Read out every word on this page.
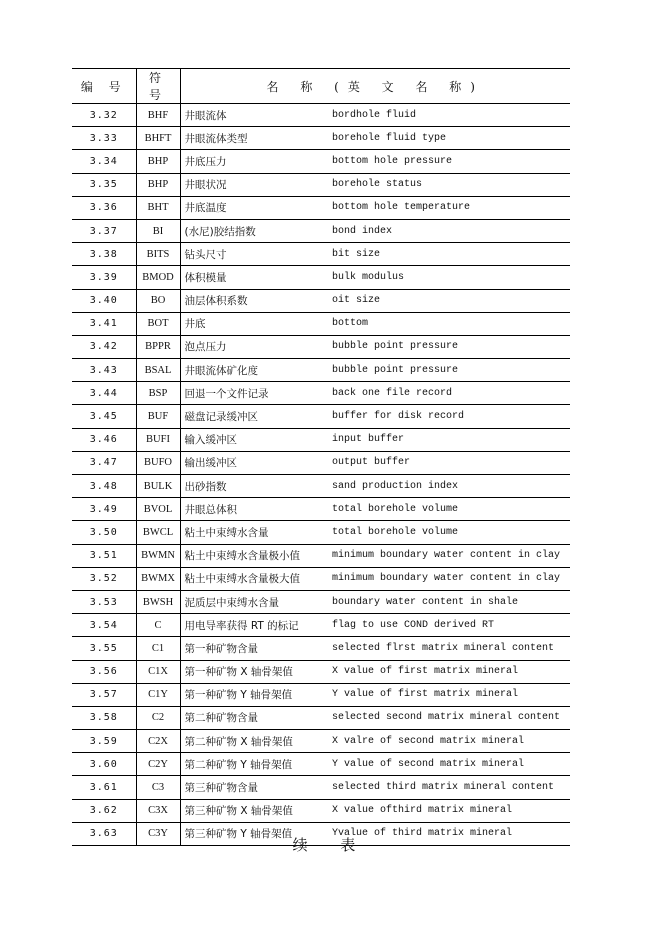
编 号	符 号	名 称 (英 文 名 称)	
3.32	BHF	井眼流体	bordhole fluid
3.33	BHFT	井眼流体类型	borehole fluid type
3.34	BHP	井底压力	bottom hole pressure
3.35	BHP	井眼状况	borehole status
3.36	BHT	井底温度	bottom hole temperature
3.37	BI	(水尼)胶结指数	bond index
3.38	BITS	钻头尺寸	bit size
3.39	BMOD	体积模量	bulk modulus
3.40	BO	油层体积系数	oit size
3.41	BOT	井底	bottom
3.42	BPPR	泡点压力	bubble point pressure
3.43	BSAL	井眼流体矿化度	bubble point pressure
3.44	BSP	回退一个文件记录	back one file record
3.45	BUF	磁盘记录缓冲区	buffer for disk record
3.46	BUFI	输入缓冲区	input buffer
3.47	BUFO	输出缓冲区	output buffer
3.48	BULK	出砂指数	sand production index
3.49	BVOL	井眼总体积	total borehole volume
3.50	BWCL	粘土中束缚水含量	total borehole volume
3.51	BWMN	粘土中束缚水含量极小值	minimum boundary water content in clay
3.52	BWMX	粘土中束缚水含量极大值	minimum boundary water content in clay
3.53	BWSH	泥质层中束缚水含量	boundary water content in shale
3.54	C	用电导率获得 RT 的标记	flag to use COND derived RT
3.55	C1	第一种矿物含量	selected flrst matrix mineral content
3.56	C1X	第一种矿物 X 轴骨架值	X value of first matrix mineral
3.57	C1Y	第一种矿物 Y 轴骨架值	Y value of first matrix mineral
3.58	C2	第二种矿物含量	selected second matrix mineral content
3.59	C2X	第二种矿物 X 轴骨架值	X valre of second matrix mineral
3.60	C2Y	第二种矿物 Y 轴骨架值	Y value of second matrix mineral
3.61	C3	第三种矿物含量	selected third matrix mineral content
3.62	C3X	第三种矿物 X 轴骨架值	X value ofthird matrix mineral
3.63	C3Y	第三种矿物 Y 轴骨架值	Yvalue of third matrix mineral
续 表
